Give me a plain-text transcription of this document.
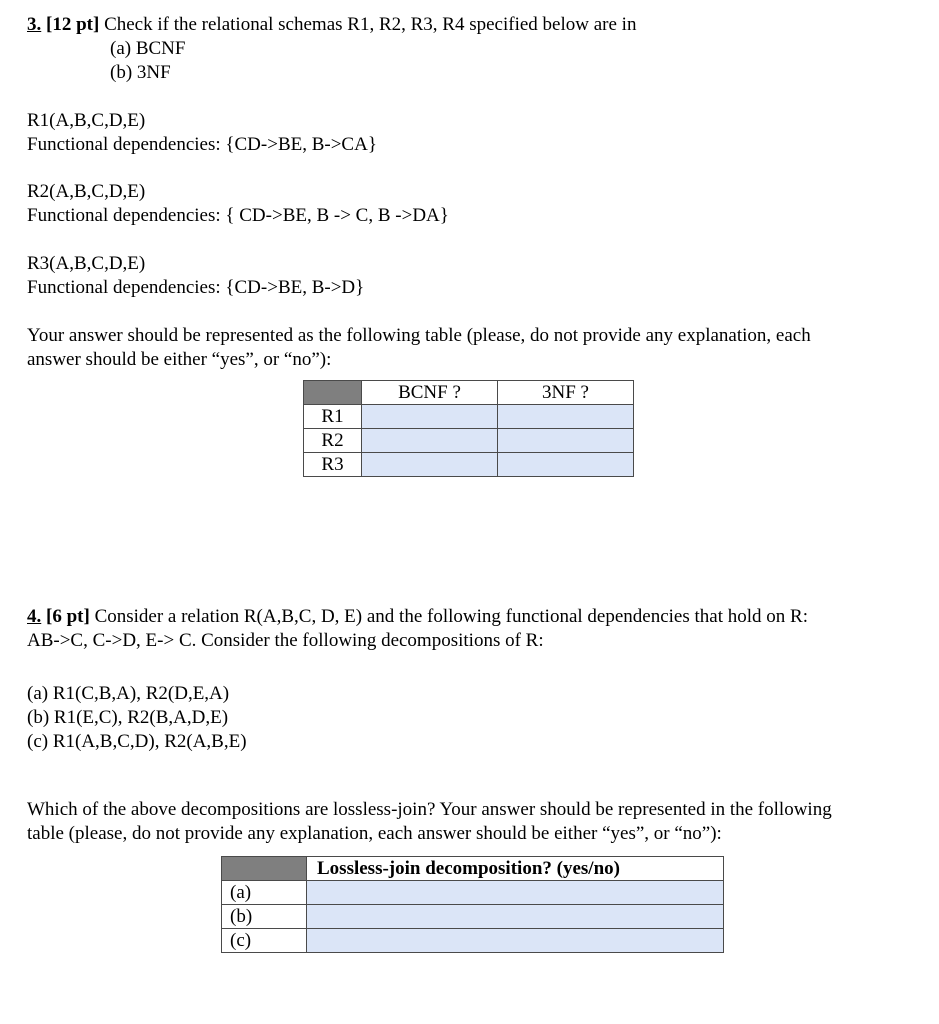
3. [12 pt] Check if the relational schemas R1, R2, R3, R4 specified below are in
(a) BCNF
(b) 3NF
R1(A,B,C,D,E)
Functional dependencies: {CD->BE, B->CA}
R2(A,B,C,D,E)
Functional dependencies: { CD->BE, B -> C, B ->DA}
R3(A,B,C,D,E)
Functional dependencies: {CD->BE, B->D}
Your answer should be represented as the following table (please, do not provide any explanation, each
answer should be either “yes”, or “no”):
	BCNF ?	3NF ?
R1		
R2		
R3		
4. [6 pt] Consider a relation R(A,B,C, D, E) and the following functional dependencies that hold on R:
AB->C, C->D, E-> C. Consider the following decompositions of R:
(a) R1(C,B,A), R2(D,E,A)
(b) R1(E,C), R2(B,A,D,E)
(c) R1(A,B,C,D), R2(A,B,E)
Which of the above decompositions are lossless-join? Your answer should be represented in the following
table (please, do not provide any explanation, each answer should be either “yes”, or “no”):
	Lossless-join decomposition? (yes/no)
(a)	
(b)	
(c)	
